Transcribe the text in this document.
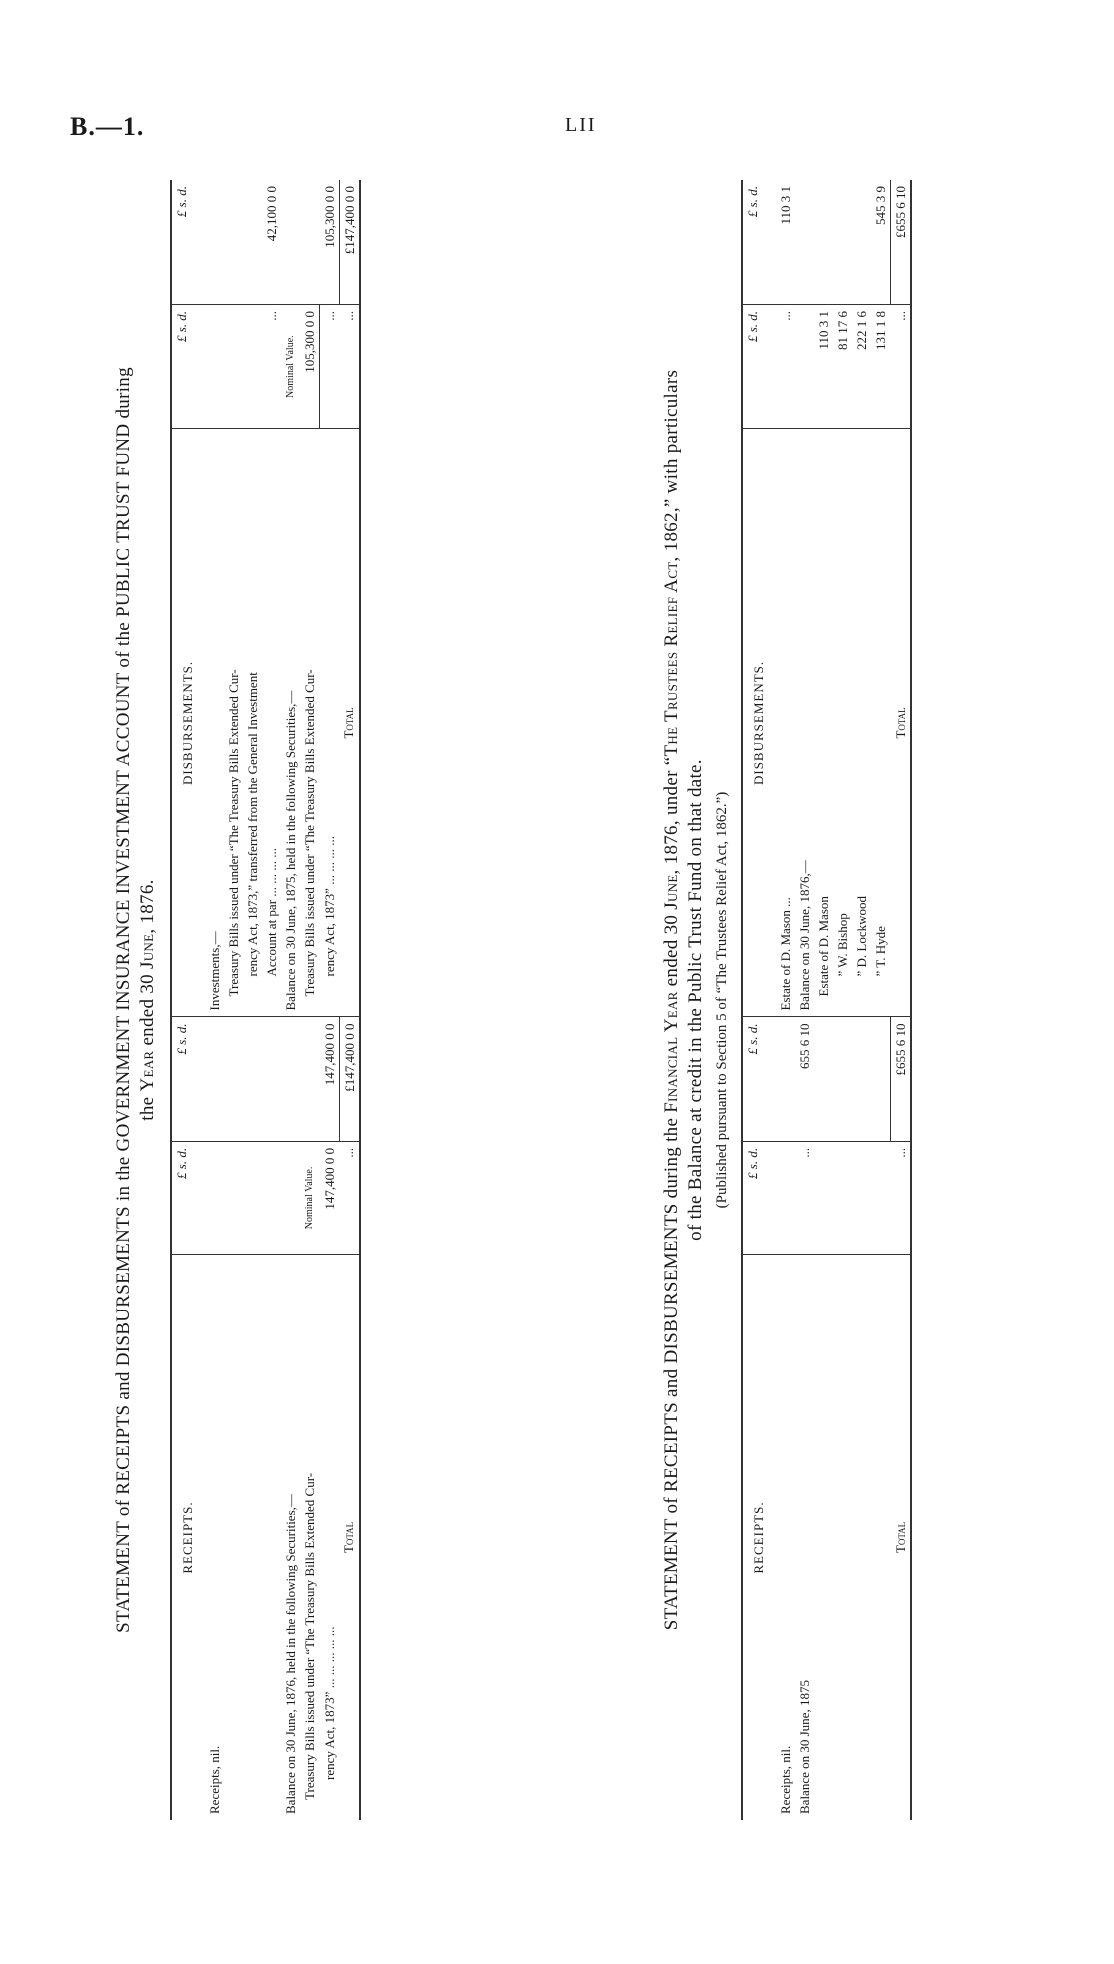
B.—1.	LII
STATEMENT of RECEIPTS and DISBURSEMENTS in the GOVERNMENT INSURANCE INVESTMENT ACCOUNT of the PUBLIC TRUST FUND during the Year ended 30 June, 1876.
RECEIPTS.	£ s. d.	£ s. d.	DISBURSEMENTS.	£ s. d.	£ s. d.
Receipts, nil.			Investments,—		
			Treasury Bills issued under “The Treasury Bills Extended Cur-		
			rency Act, 1873,” transferred from the General Investment		
			Account at par ... ... ... ...	...	42,100 0 0
Balance on 30 June, 1876, held in the following Securities,—			Balance on 30 June, 1875, held in the following Securities,—	Nominal Value.	
Treasury Bills issued under “The Treasury Bills Extended Cur-	Nominal Value.		Treasury Bills issued under “The Treasury Bills Extended Cur-	105,300 0 0	
rency Act, 1873” ... ... ... ... ...	147,400 0 0	147,400 0 0	rency Act, 1873” ... ... ... ...	...	105,300 0 0
Total	...	£147,400 0 0	Total	...	£147,400 0 0
STATEMENT of RECEIPTS and DISBURSEMENTS during the Financial Year ended 30 June, 1876, under “The Trustees Relief Act, 1862,” with particulars
of the Balance at credit in the Public Trust Fund on that date. (Published pursuant to Section 5 of “The Trustees Relief Act, 1862.”)
RECEIPTS.	£ s. d.	£ s. d.	DISBURSEMENTS.	£ s. d.	£ s. d.
Receipts, nil.			Estate of D. Mason ...	...	110 3 1
Balance on 30 June, 1875	...	655 6 10	Balance on 30 June, 1876,—		
			Estate of D. Mason	110 3 1	
			” W. Bishop	81 17 6	
			” D. Lockwood	222 1 6	
			” T. Hyde	131 1 8	545 3 9
Total	...	£655 6 10	Total	...	£655 6 10
